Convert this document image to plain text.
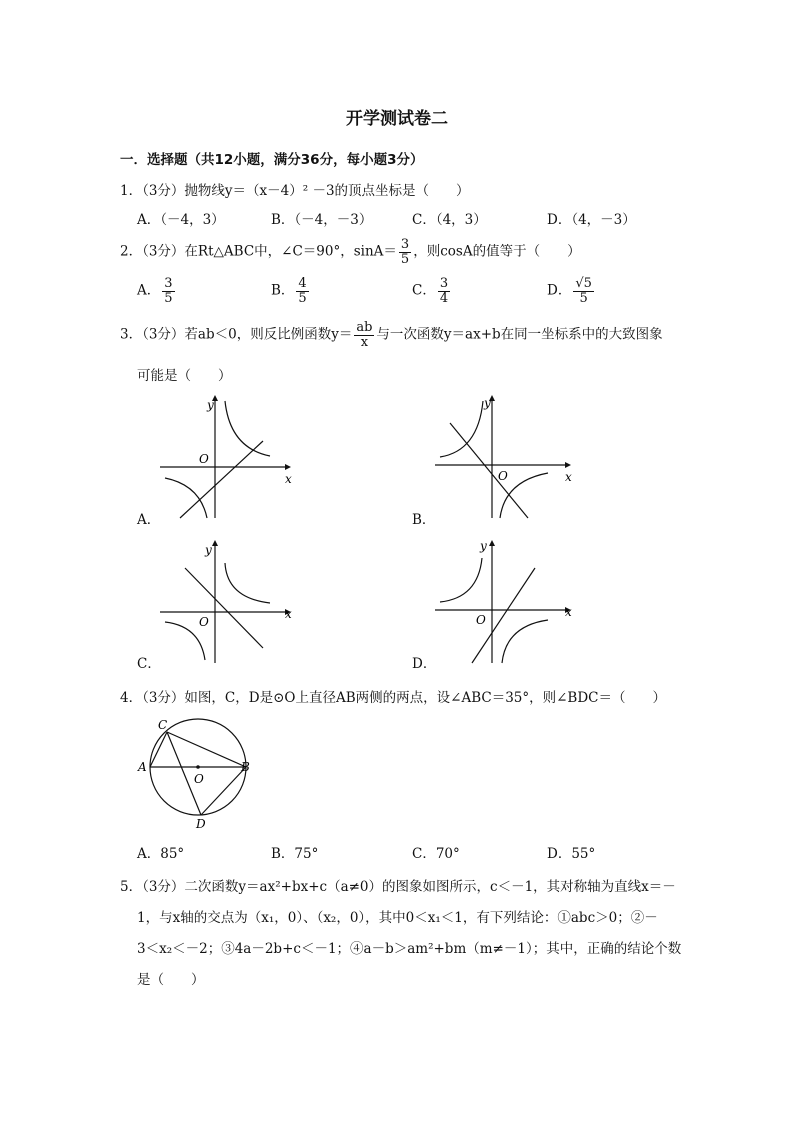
开学测试卷二
一．选择题（共12小题，满分36分，每小题3分）
1．（3分）抛物线y＝（x－4）² －3的顶点坐标是（　　）
A．（－4，3）	B．（－4，－3）	C．（4，3）	D．（4，－3）
2．（3分）在Rt△ABC中，∠C＝90°，$\sin A= \frac{3}{5}$ ，则cosA的值等于（　　）
A． $\frac{3}{5}$	B． $\frac{4}{5}$	C． $\frac{3}{4}$	D． $\frac{√5}{5}$
3．（3分）若ab＜0，则反比例函数$y= \frac{ab}{x}$ 与一次函数y＝ax+b在同一坐标系中的大致图象
可能是（　　）
y
x
O
A．
y
x
O
B．
y
x
O
C．
y
x
O
D．
4．（3分）如图，C，D是⊙O上直径AB两侧的两点，设∠ABC＝35°，则∠BDC＝（　　）
C
A
O
B
D
A．85°	B．75°	C．70°	D．55°
5．（3分）二次函数y＝ax²+bx+c（a≠0）的图象如图所示，c＜－1，其对称轴为直线x＝－
1，与x轴的交点为（x₁，0）、（x₂，0），其中0＜x₁＜1，有下列结论：①abc＞0；②－
3＜x₂＜－2；③4a－2b+c＜－1；④a－b＞am²+bm（m≠－1）；其中，正确的结论个数
是（　　）
